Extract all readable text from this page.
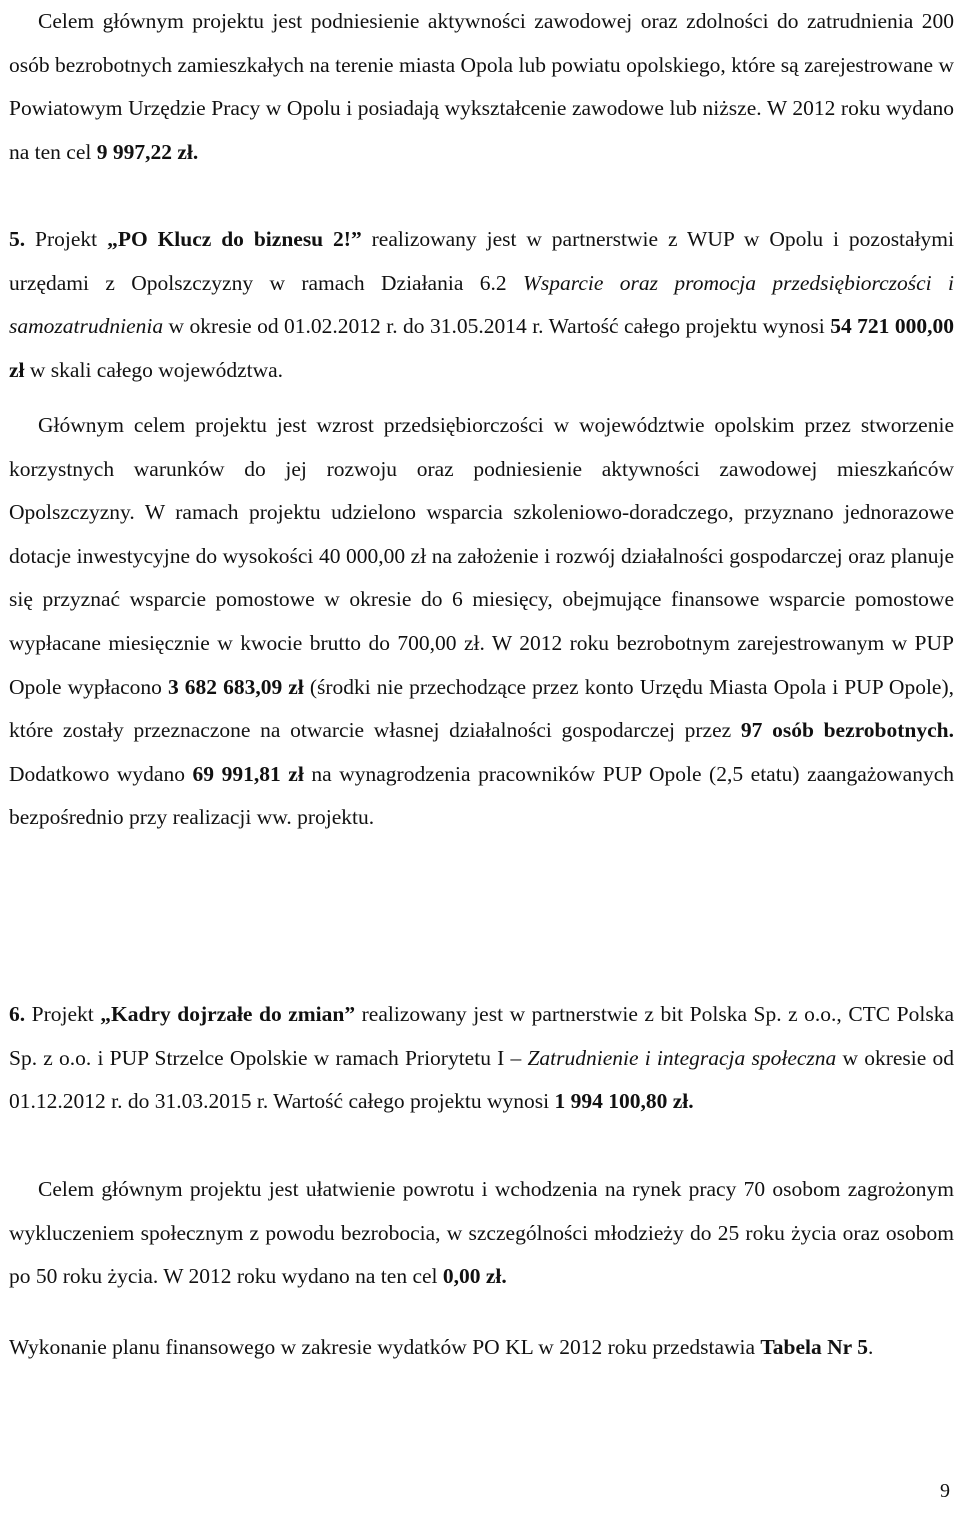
Celem głównym projektu jest podniesienie aktywności zawodowej oraz zdolności do zatrudnienia 200 osób bezrobotnych zamieszkałych na terenie miasta Opola lub powiatu opolskiego, które są zarejestrowane w Powiatowym Urzędzie Pracy w Opolu i posiadają wykształcenie zawodowe lub niższe. W 2012 roku wydano na ten cel 9 997,22 zł.

5. Projekt „PO Klucz do biznesu 2!” realizowany jest w partnerstwie z WUP w Opolu i pozostałymi urzędami z Opolszczyzny w ramach Działania 6.2 Wsparcie oraz promocja przedsiębiorczości i samozatrudnienia w okresie od 01.02.2012 r. do 31.05.2014 r. Wartość całego projektu wynosi 54 721 000,00 zł w skali całego województwa.

Głównym celem projektu jest wzrost przedsiębiorczości w województwie opolskim przez stworzenie korzystnych warunków do jej rozwoju oraz podniesienie aktywności zawodowej mieszkańców Opolszczyzny. W ramach projektu udzielono wsparcia szkoleniowo-doradczego, przyznano jednorazowe dotacje inwestycyjne do wysokości 40 000,00 zł na założenie i rozwój działalności gospodarczej oraz planuje się przyznać wsparcie pomostowe w okresie do 6 miesięcy, obejmujące finansowe wsparcie pomostowe wypłacane miesięcznie w kwocie brutto do 700,00 zł. W 2012 roku bezrobotnym zarejestrowanym w PUP Opole wypłacono 3 682 683,09 zł (środki nie przechodzące przez konto Urzędu Miasta Opola i PUP Opole), które zostały przeznaczone na otwarcie własnej działalności gospodarczej przez 97 osób bezrobotnych. Dodatkowo wydano 69 991,81 zł na wynagrodzenia pracowników PUP Opole (2,5 etatu) zaangażowanych bezpośrednio przy realizacji ww. projektu.

6. Projekt „Kadry dojrzałe do zmian” realizowany jest w partnerstwie z bit Polska Sp. z o.o., CTC Polska Sp. z o.o. i PUP Strzelce Opolskie w ramach Priorytetu I – Zatrudnienie i integracja społeczna w okresie od 01.12.2012 r. do 31.03.2015 r. Wartość całego projektu wynosi 1 994 100,80 zł.

Celem głównym projektu jest ułatwienie powrotu i wchodzenia na rynek pracy 70 osobom zagrożonym wykluczeniem społecznym z powodu bezrobocia, w szczególności młodzieży do 25 roku życia oraz osobom po 50 roku życia. W 2012 roku wydano na ten cel 0,00 zł.

Wykonanie planu finansowego w zakresie wydatków PO KL w 2012 roku przedstawia Tabela Nr 5.

9
